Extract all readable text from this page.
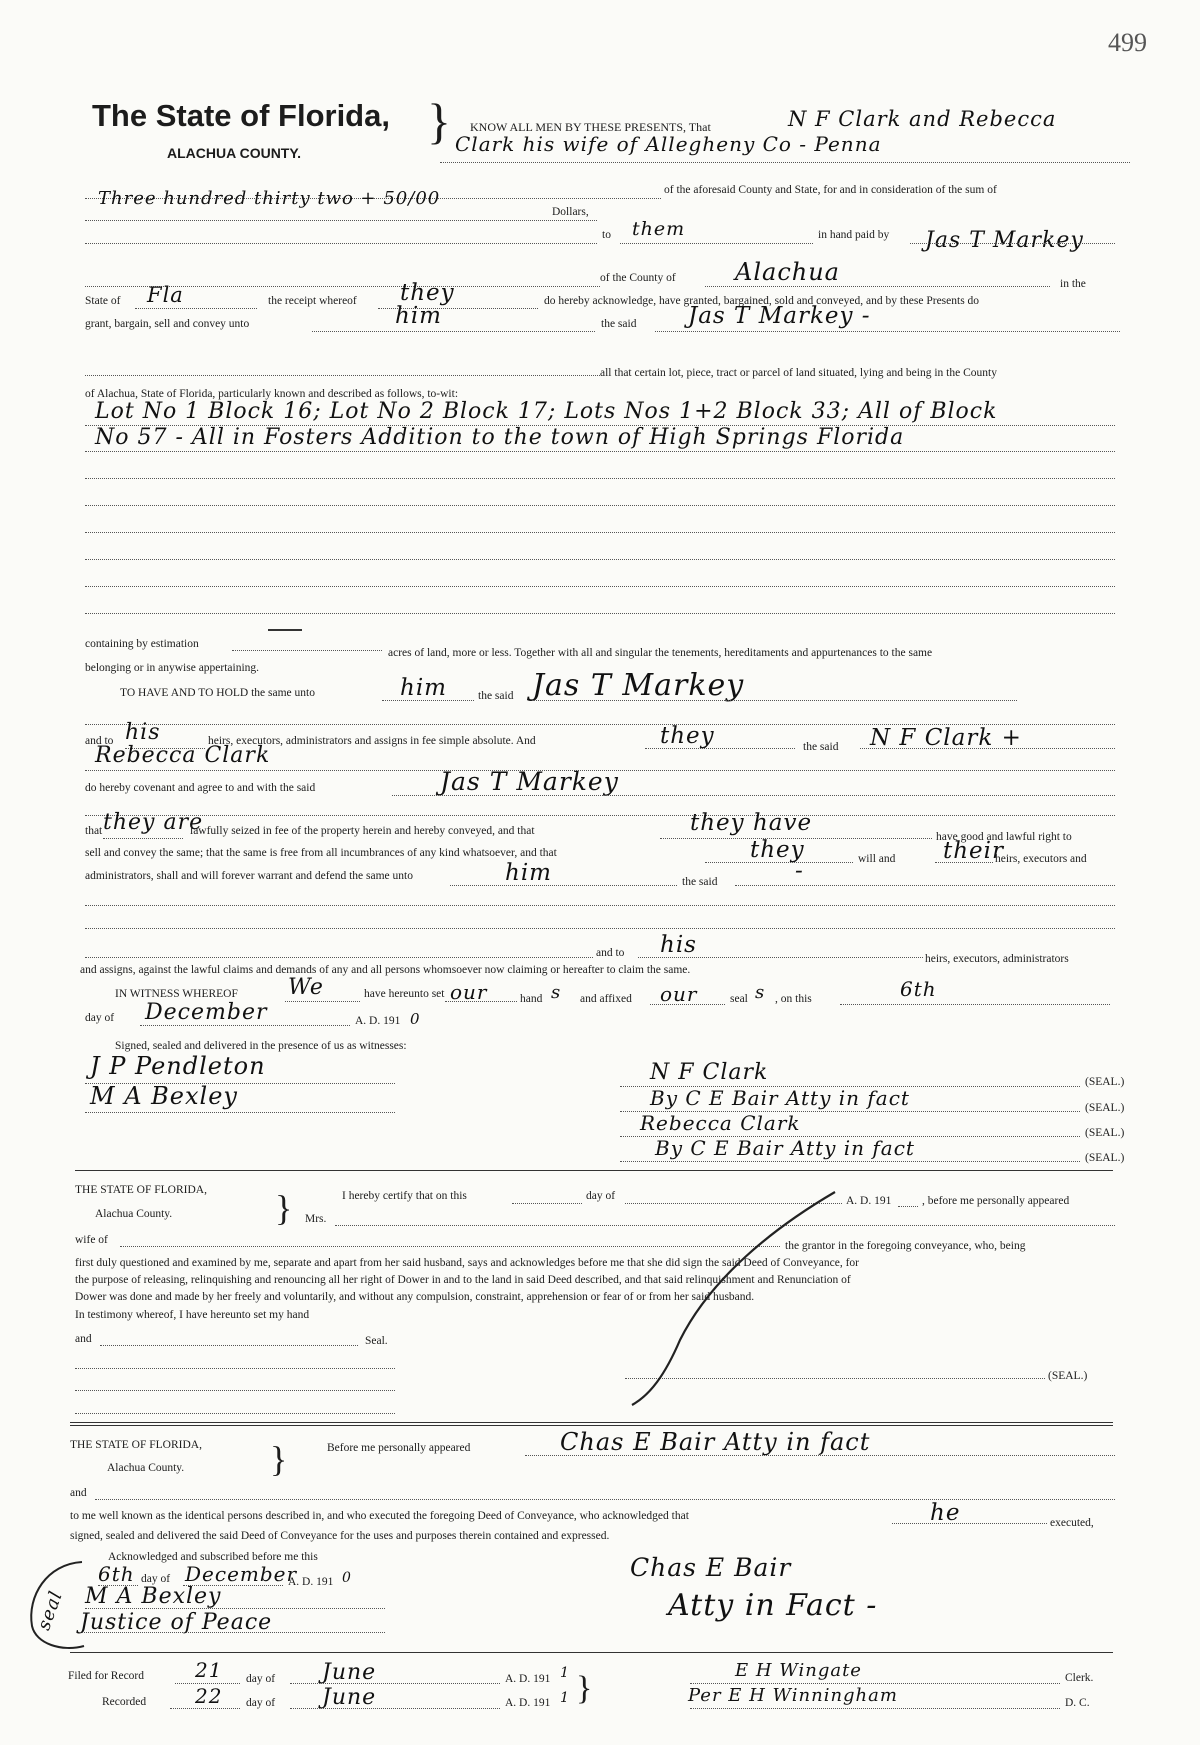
499
The State of Florida,
ALACHUA COUNTY.
} KNOW ALL MEN BY THESE PRESENTS, That	N F Clark and Rebecca
Clark his wife of Allegheny Co - Penna
of the aforesaid County and State, for and in consideration of the sum of
Three hundred thirty two + 50/00
Dollars,
to them	in hand paid by Jas T Markey
of the County of Alachua	in the
State of Fla	the receipt whereof they	do hereby acknowledge, have granted, bargained, sold and conveyed, and by these Presents do
grant, bargain, sell and convey unto	him	the said Jas T Markey -
all that certain lot, piece, tract or parcel of land situated, lying and being in the County
of Alachua, State of Florida, particularly known and described as follows, to-wit:
Lot No 1 Block 16; Lot No 2 Block 17; Lots Nos 1+2 Block 33; All of Block
No 57 - All in Fosters Addition to the town of High Springs Florida
containing by estimation
acres of land, more or less. Together with all and singular the tenements, hereditaments and appurtenances to the same
belonging or in anywise appertaining.
TO HAVE AND TO HOLD the same unto	him	the said Jas T Markey
and to his	heirs, executors, administrators and assigns in fee simple absolute. And	they	the said N F Clark +
Rebecca Clark
do hereby covenant and agree to and with the said	Jas T Markey
that they are
lawfully seized in fee of the property herein and hereby conveyed, and that	they have
have good and lawful right to
sell and convey the same; that the same is free from all incumbrances of any kind whatsoever, and that	they	will and their
heirs, executors and
administrators, shall and will forever warrant and defend the same unto	him	the said	-
and to his
heirs, executors, administrators
and assigns, against the lawful claims and demands of any and all persons whomsoever now claiming or hereafter to claim the same.
IN WITNESS WHEREOF We	have hereunto set our	hand s and affixed our	seal s , on this	6th
day of December	A. D. 191 0
Signed, sealed and delivered in the presence of us as witnesses:
J P Pendleton
M A Bexley
N F Clark	(SEAL.)
By C E Bair Atty in fact	(SEAL.)
Rebecca Clark	(SEAL.)
By C E Bair Atty in fact	(SEAL.)
THE STATE OF FLORIDA,
Alachua County.	}	I hereby certify that on this	day of	A. D. 191	, before me personally appeared
Mrs.
wife of	the grantor in the foregoing conveyance, who, being
first duly questioned and examined by me, separate and apart from her said husband, says and acknowledges before me that she did sign the said Deed of Conveyance, for
the purpose of releasing, relinquishing and renouncing all her right of Dower in and to the land in said Deed described, and that said relinquishment and Renunciation of
Dower was done and made by her freely and voluntarily, and without any compulsion, constraint, apprehension or fear of or from her said husband.
In testimony whereof, I have hereunto set my hand
and	Seal.
(SEAL.)
THE STATE OF FLORIDA,
Alachua County. }	Before me personally appeared	Chas E Bair Atty in fact
and
to me well known as the identical persons described in, and who executed the foregoing Deed of Conveyance, who acknowledged that	he	executed,
signed, sealed and delivered the said Deed of Conveyance for the uses and purposes therein contained and expressed.
Acknowledged and subscribed before me this
6th day of December
A. D. 191 0
M A Bexley
Justice of Peace
seal
Chas E Bair
Atty in Fact -
Filed for Record	21 day of June	A. D. 191 1
Recorded 22 day of June	A. D. 191 1 }	E H Wingate	Clerk.
Per E H Winningham	D. C.
